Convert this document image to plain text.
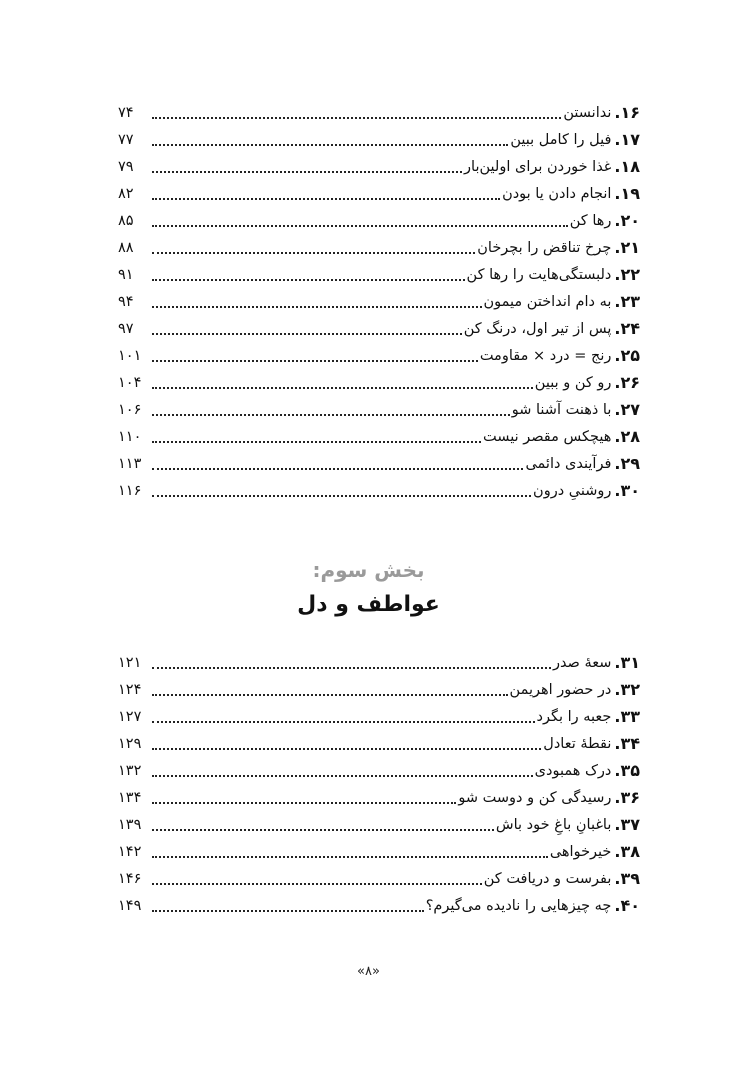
۱۶.
ندانستن
۷۴
۱۷.
فیل را کامل ببین
۷۷
۱۸.
غذا خوردن برای اولین‌بار
۷۹
۱۹.
انجام دادن یا بودن
۸۲
۲۰.
رها کن
۸۵
۲۱.
چرخ تناقض را بچرخان
۸۸
۲۲.
دلبستگی‌هایت را رها کن
۹۱
۲۳.
به دام انداختن میمون
۹۴
۲۴.
پس از تیر اول، درنگ کن
۹۷
۲۵.
رنج = درد × مقاومت
۱۰۱
۲۶.
رو کن و ببین
۱۰۴
۲۷.
با ذهنت آشنا شو
۱۰۶
۲۸.
هیچکس مقصر نیست
۱۱۰
۲۹.
فرآیندی دائمی
۱۱۳
۳۰.
روشنیِ درون
۱۱۶
بخش سوم:
عواطف و دل
۳۱.
سعهٔ صدر
۱۲۱
۳۲.
در حضور اهریمن
۱۲۴
۳۳.
جعبه را بگرد
۱۲۷
۳۴.
نقطهٔ تعادل
۱۲۹
۳۵.
درک همبودی
۱۳۲
۳۶.
رسیدگی کن و دوست شو
۱۳۴
۳۷.
باغبانِ باغِ خود باش
۱۳۹
۳۸.
خیرخواهی
۱۴۲
۳۹.
بفرست و دریافت کن
۱۴۶
۴۰.
چه چیزهایی را نادیده می‌گیرم؟
۱۴۹
«۸»
